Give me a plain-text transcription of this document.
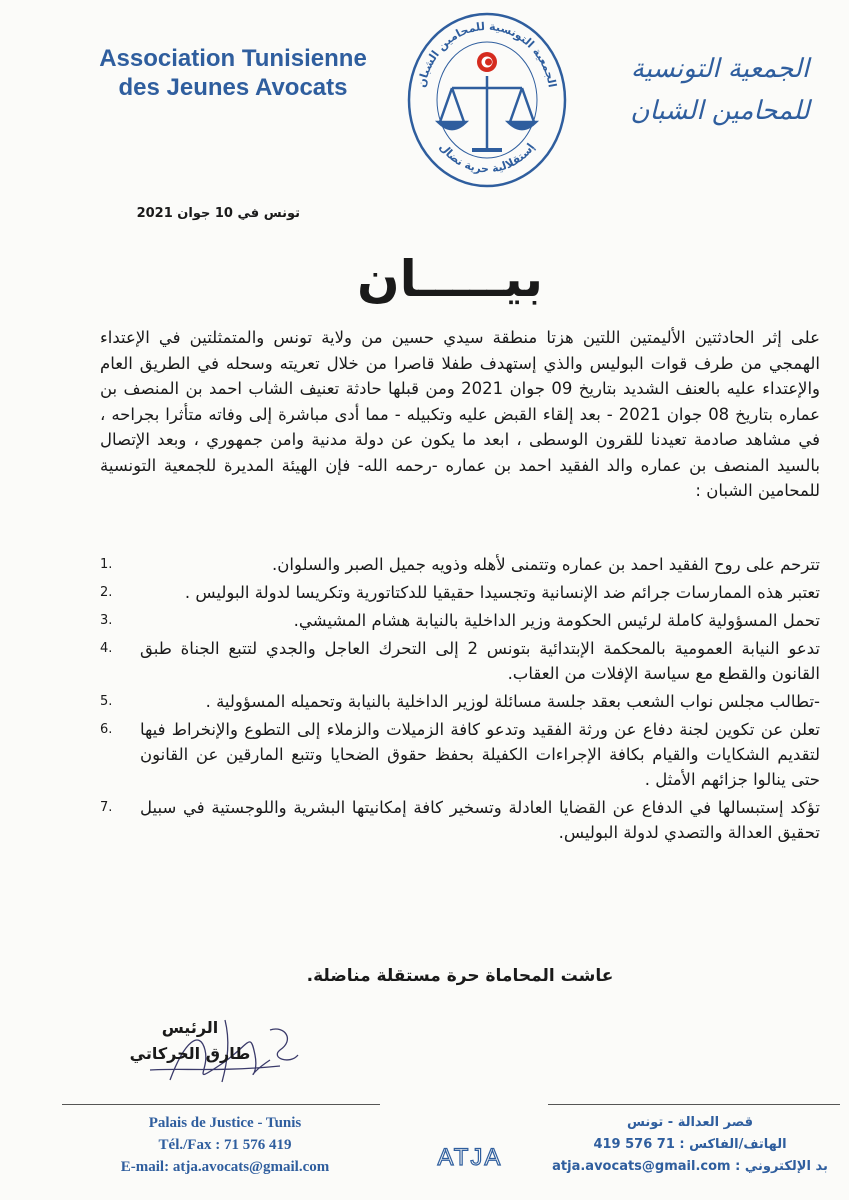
Association Tunisienne
des Jeunes Avocats	الجمعية التونسية للمحامين الشبان
إستقلالية حرية نضال
الجمعية التونسية
للمحامين الشبان
تونس في 10 جوان 2021
بيـــــان
على إثر الحادثتين الأليمتين اللتين هزتا منطقة سيدي حسين من ولاية تونس والمتمثلتين في الإعتداء الهمجي من طرف قوات البوليس والذي إستهدف طفلا قاصرا من خلال تعريته وسحله في الطريق العام والإعتداء عليه بالعنف الشديد بتاريخ 09 جوان 2021 ومن قبلها حادثة تعنيف الشاب احمد بن المنصف بن عماره بتاريخ 08 جوان 2021 - بعد إلقاء القبض عليه وتكبيله - مما أدى مباشرة إلى وفاته متأثرا بجراحه ، في مشاهد صادمة تعيدنا للقرون الوسطى ، ابعد ما يكون عن دولة مدنية وامن جمهوري ، وبعد الإتصال بالسيد المنصف بن عماره والد الفقيد احمد بن عماره -رحمه الله- فإن الهيئة المديرة للجمعية التونسية للمحامين الشبان :
تترحم على روح الفقيد احمد بن عماره وتتمنى لأهله وذويه جميل الصبر والسلوان.
1.
تعتبر هذه الممارسات جرائم ضد الإنسانية وتجسيدا حقيقيا للدكتاتورية وتكريسا لدولة البوليس .
2.
تحمل المسؤولية كاملة لرئيس الحكومة وزير الداخلية بالنيابة هشام المشيشي.
3.
تدعو النيابة العمومية بالمحكمة الإبتدائية بتونس 2 إلى التحرك العاجل والجدي لتتبع الجناة طبق القانون والقطع مع سياسة الإفلات من العقاب.
4.
-تطالب مجلس نواب الشعب بعقد جلسة مسائلة لوزير الداخلية بالنيابة وتحميله المسؤولية .
5.
تعلن عن تكوين لجنة دفاع عن ورثة الفقيد وتدعو كافة الزميلات والزملاء إلى التطوع والإنخراط فيها لتقديم الشكايات والقيام بكافة الإجراءات الكفيلة بحفظ حقوق الضحايا وتتبع المارقين عن القانون حتى ينالوا جزائهم الأمثل .
6.
تؤكد إستبسالها في الدفاع عن القضايا العادلة وتسخير كافة إمكانيتها البشرية واللوجستية في سبيل تحقيق العدالة والتصدي لدولة البوليس.
7.
عاشت المحاماة حرة مستقلة مناضلة.
الرئيس
طارق الحركاتي
Palais de Justice - Tunis
Tél./Fax : 71 576 419
E-mail: atja.avocats@gmail.com	ATJA
قصر العدالة - تونس
الهاتف/الفاكس : 71 576 419
بد الإلكتروني : atja.avocats@gmail.com
